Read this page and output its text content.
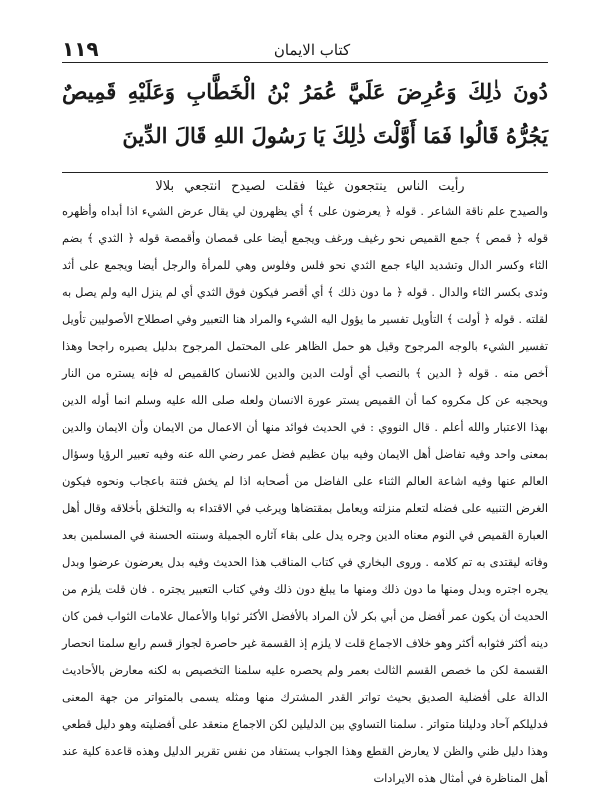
١١٩	كتاب الايمان
دُونَ ذٰلِكَ وَعُرِضَ عَلَيَّ عُمَرُ بْنُ الْخَطَّابِ وَعَلَيْهِ قَمِيصٌ يَجُرُّهُ قَالُوا فَمَا أَوَّلْتَ ذٰلِكَ يَا رَسُولَ اللهِ قَالَ الدِّينَ
رأيت الناس ينتجعون غيثا فقلت لصيدح انتجعي بلالا
والصيدح علم ناقة الشاعر . قوله ﴿ يعرضون على ﴾ أي يظهرون لي يقال عرض الشيء اذا أبداه وأظهره قوله ﴿ قمص ﴾ جمع القميص نحو رغيف ورغف ويجمع أيضا على قمصان وأقمصة قوله ﴿ الثدي ﴾ بضم الثاء وكسر الدال وتشديد الياء جمع الثدي نحو فلس وفلوس وهي للمرأة والرجل أيضا ويجمع على أثد وثدى بكسر الثاء والدال . قوله ﴿ ما دون ذلك ﴾ أي أقصر فيكون فوق الثدي أي لم ينزل اليه ولم يصل به لقلته . قوله ﴿ أولت ﴾ التأويل تفسير ما يؤول اليه الشيء والمراد هنا التعبير وفي اصطلاح الأصوليين تأويل تفسير الشيء بالوجه المرجوح وقيل هو حمل الظاهر على المحتمل المرجوح بدليل يصيره راجحا وهذا أخص منه . قوله ﴿ الدين ﴾ بالنصب أي أولت الدين والدين للانسان كالقميص له فإنه يستره من النار ويحجبه عن كل مكروه كما أن القميص يستر عورة الانسان ولعله صلى الله عليه وسلم انما أوله الدين بهذا الاعتبار والله أعلم . قال النووي : في الحديث فوائد منها أن الاعمال من الايمان وأن الايمان والدين بمعنى واحد وفيه تفاضل أهل الايمان وفيه بيان عظيم فضل عمر رضي الله عنه وفيه تعبير الرؤيا وسؤال العالم عنها وفيه اشاعة العالم الثناء على الفاضل من أصحابه اذا لم يخش فتنة باعجاب ونحوه فيكون الغرض التنبيه على فضله لتعلم منزلته ويعامل بمقتضاها ويرغب في الاقتداء به والتخلق بأخلاقه وقال أهل العبارة القميص في النوم معناه الدين وجره يدل على بقاء آثاره الجميلة وسنته الحسنة في المسلمين بعد وفاته ليقتدى به تم كلامه . وروى البخاري في كتاب المناقب هذا الحديث وفيه بدل يعرضون عرضوا وبدل يجره اجتره وبدل ومنها ما دون ذلك ومنها ما يبلغ دون ذلك وفي كتاب التعبير يجتره . فان قلت يلزم من الحديث أن يكون عمر أفضل من أبي بكر لأن المراد بالأفضل الأكثر ثوابا والأعمال علامات الثواب فمن كان دينه أكثر فثوابه أكثر وهو خلاف الاجماع قلت لا يلزم إذ القسمة غير حاصرة لجواز قسم رابع سلمنا انحصار القسمة لكن ما خصص القسم الثالث بعمر ولم يحصره عليه سلمنا التخصيص به لكنه معارض بالأحاديث الدالة على أفضلية الصديق بحيث تواتر القدر المشترك منها ومثله يسمى بالمتواتر من جهة المعنى فدليلكم آحاد ودليلنا متواتر . سلمنا التساوي بين الدليلين لكن الاجماع منعقد على أفضليته وهو دليل قطعي وهذا دليل ظني والظن لا يعارض القطع وهذا الجواب يستفاد من نفس تقرير الدليل وهذه قاعدة كلية عند أهل المناظرة في أمثال هذه الايرادات
